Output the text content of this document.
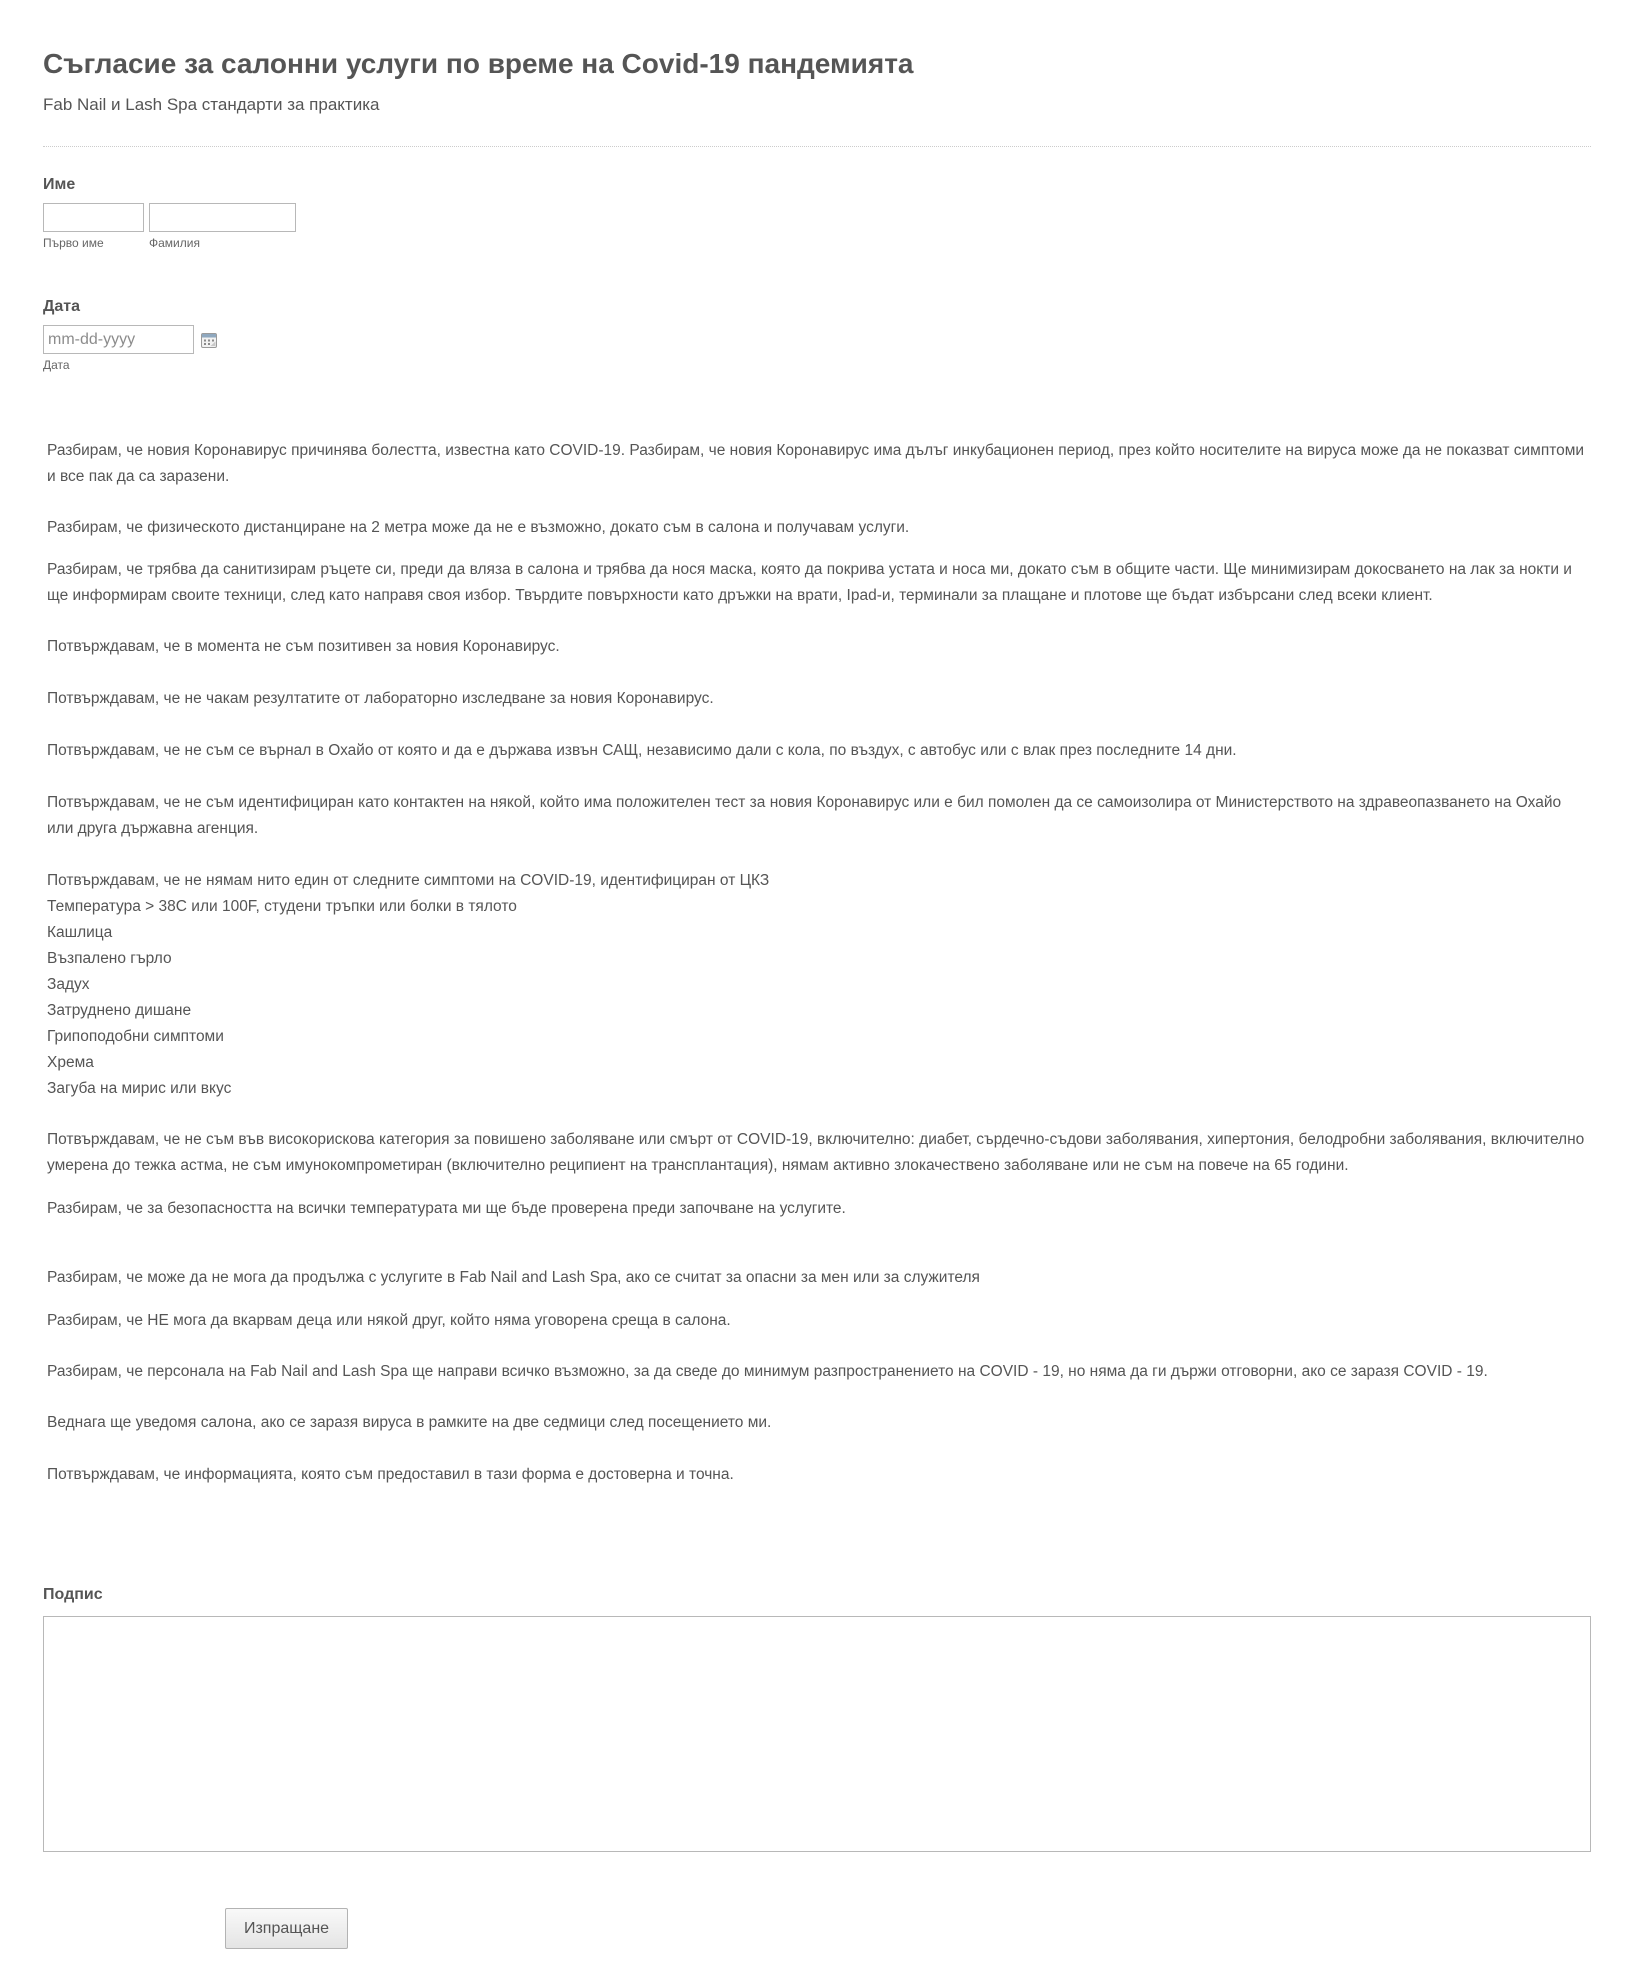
Съгласие за салонни услуги по време на Covid-19 пандемията
Fab Nail и Lash Spa стандарти за практика
Име
Първо име	Фамилия
Дата
mm-dd-yyyy
Дата

Разбирам, че новия Коронавирус причинява болестта, известна като COVID-19. Разбирам, че новия Коронавирус има дълъг инкубационен период, през който носителите на вируса може да не показват симптоми и все пак да са заразени.

Разбирам, че физическото дистанциране на 2 метра може да не е възможно, докато съм в салона и получавам услуги.

Разбирам, че трябва да санитизирам ръцете си, преди да вляза в салона и трябва да нося маска, която да покрива устата и носа ми, докато съм в общите части. Ще минимизирам докосването на лак за нокти и ще информирам своите техници, след като направя своя избор. Твърдите повърхности като дръжки на врати, Ipad-и, терминали за плащане и плотове ще бъдат избърсани след всеки клиент.

Потвърждавам, че в момента не съм позитивен за новия Коронавирус.

Потвърждавам, че не чакам резултатите от лабораторно изследване за новия Коронавирус.

Потвърждавам, че не съм се върнал в Охайо от която и да е държава извън САЩ, независимо дали с кола, по въздух, с автобус или с влак през последните 14 дни.

Потвърждавам, че не съм идентифициран като контактен на някой, който има положителен тест за новия Коронавирус или е бил помолен да се самоизолира от Министерството на здравеопазването на Охайо или друга държавна агенция.

Потвърждавам, че не нямам нито един от следните симптоми на COVID-19, идентифициран от ЦКЗ

Температура > 38C или 100F, студени тръпки или болки в тялото
Кашлица
Възпалено гърло
Задух
Затруднено дишане
Грипоподобни симптоми
Хрема
Загуба на мирис или вкус

Потвърждавам, че не съм във високорискова категория за повишено заболяване или смърт от COVID-19, включително: диабет, сърдечно-съдови заболявания, хипертония, белодробни заболявания, включително умерена до тежка астма, не съм имунокомпрометиран (включително реципиент на трансплантация), нямам активно злокачествено заболяване или не съм на повече на 65 години.

Разбирам, че за безопасността на всички температурата ми ще бъде проверена преди започване на услугите.

Разбирам, че може да не мога да продължа с услугите в Fab Nail and Lash Spa, ако се считат за опасни за мен или за служителя

Разбирам, че НЕ мога да вкарвам деца или някой друг, който няма уговорена среща в салона.

Разбирам, че персонала на Fab Nail and Lash Spa ще направи всичко възможно, за да сведе до минимум разпространението на COVID - 19, но няма да ги държи отговорни, ако се заразя COVID - 19.

Веднага ще уведомя салона, ако се заразя вируса в рамките на две седмици след посещението ми.

Потвърждавам, че информацията, която съм предоставил в тази форма е достоверна и точна.

Подпис
Изпращане
